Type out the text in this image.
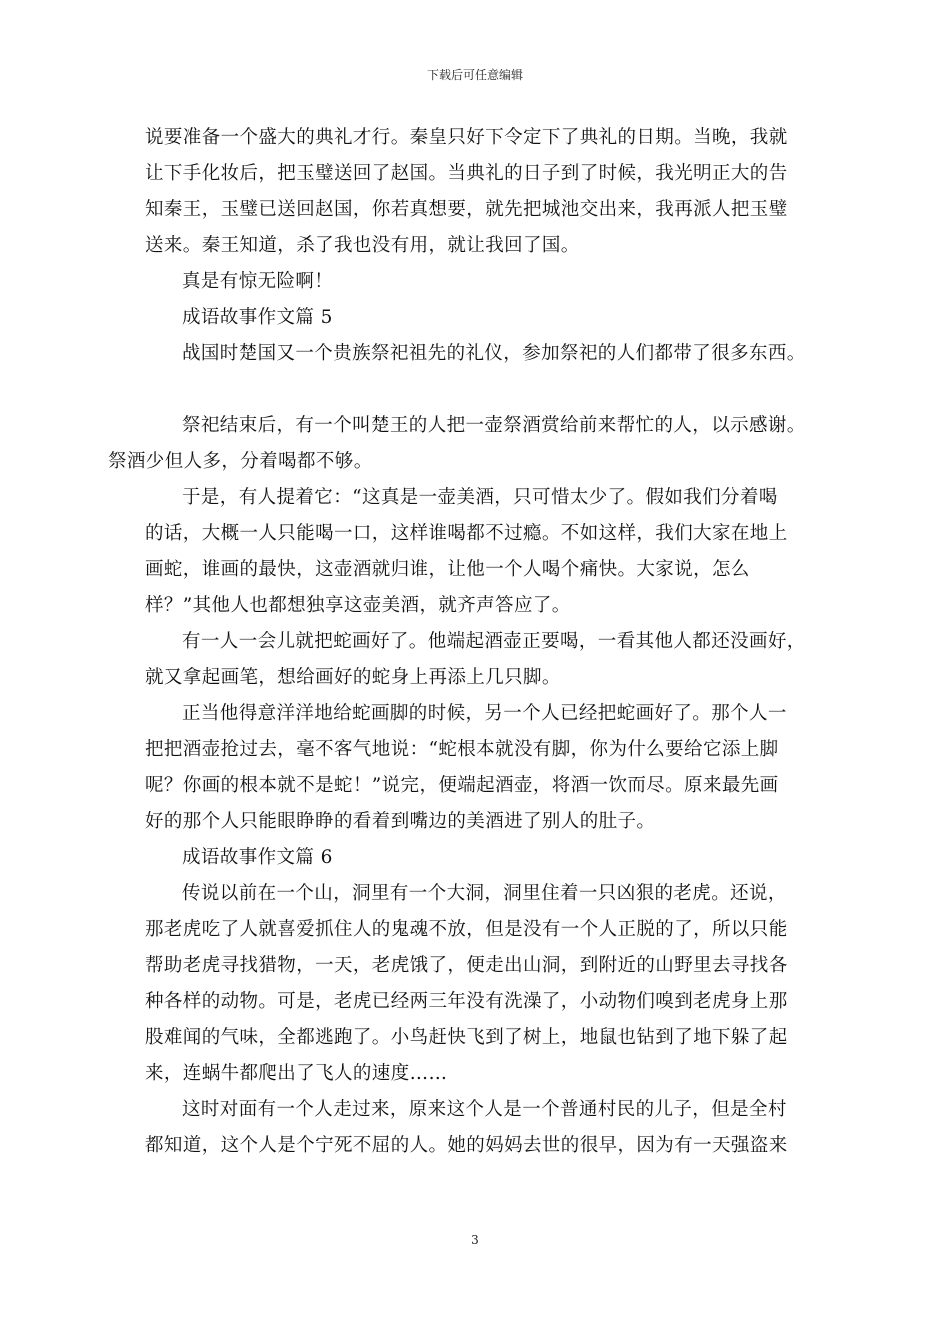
下载后可任意编辑

说要准备一个盛大的典礼才行。秦皇只好下令定下了典礼的日期。当晚，我就
让下手化妆后，把玉璧送回了赵国。当典礼的日子到了时候，我光明正大的告
知秦王，玉璧已送回赵国，你若真想要，就先把城池交出来，我再派人把玉璧
送来。秦王知道，杀了我也没有用，就让我回了国。

真是有惊无险啊！

成语故事作文篇 5

战国时楚国又一个贵族祭祀祖先的礼仪，参加祭祀的人们都带了很多东西。

祭祀结束后，有一个叫楚王的人把一壶祭酒赏给前来帮忙的人，以示感谢。
祭酒少但人多，分着喝都不够。

于是，有人提着它：“这真是一壶美酒，只可惜太少了。假如我们分着喝
的话，大概一人只能喝一口，这样谁喝都不过瘾。不如这样，我们大家在地上
画蛇，谁画的最快，这壶酒就归谁，让他一个人喝个痛快。大家说，怎么
样？”其他人也都想独享这壶美酒，就齐声答应了。

有一人一会儿就把蛇画好了。他端起酒壶正要喝，一看其他人都还没画好，
就又拿起画笔，想给画好的蛇身上再添上几只脚。

正当他得意洋洋地给蛇画脚的时候，另一个人已经把蛇画好了。那个人一
把把酒壶抢过去，毫不客气地说：“蛇根本就没有脚，你为什么要给它添上脚
呢？你画的根本就不是蛇！”说完，便端起酒壶，将酒一饮而尽。原来最先画
好的那个人只能眼睁睁的看着到嘴边的美酒进了别人的肚子。

成语故事作文篇 6

传说以前在一个山，洞里有一个大洞，洞里住着一只凶狠的老虎。还说，
那老虎吃了人就喜爱抓住人的鬼魂不放，但是没有一个人正脱的了，所以只能
帮助老虎寻找猎物，一天，老虎饿了，便走出山洞，到附近的山野里去寻找各
种各样的动物。可是，老虎已经两三年没有洗澡了，小动物们嗅到老虎身上那
股难闻的气味，全都逃跑了。小鸟赶快飞到了树上，地鼠也钻到了地下躲了起
来，连蜗牛都爬出了飞人的速度……

这时对面有一个人走过来，原来这个人是一个普通村民的儿子，但是全村
都知道，这个人是个宁死不屈的人。她的妈妈去世的很早，因为有一天强盗来

3
